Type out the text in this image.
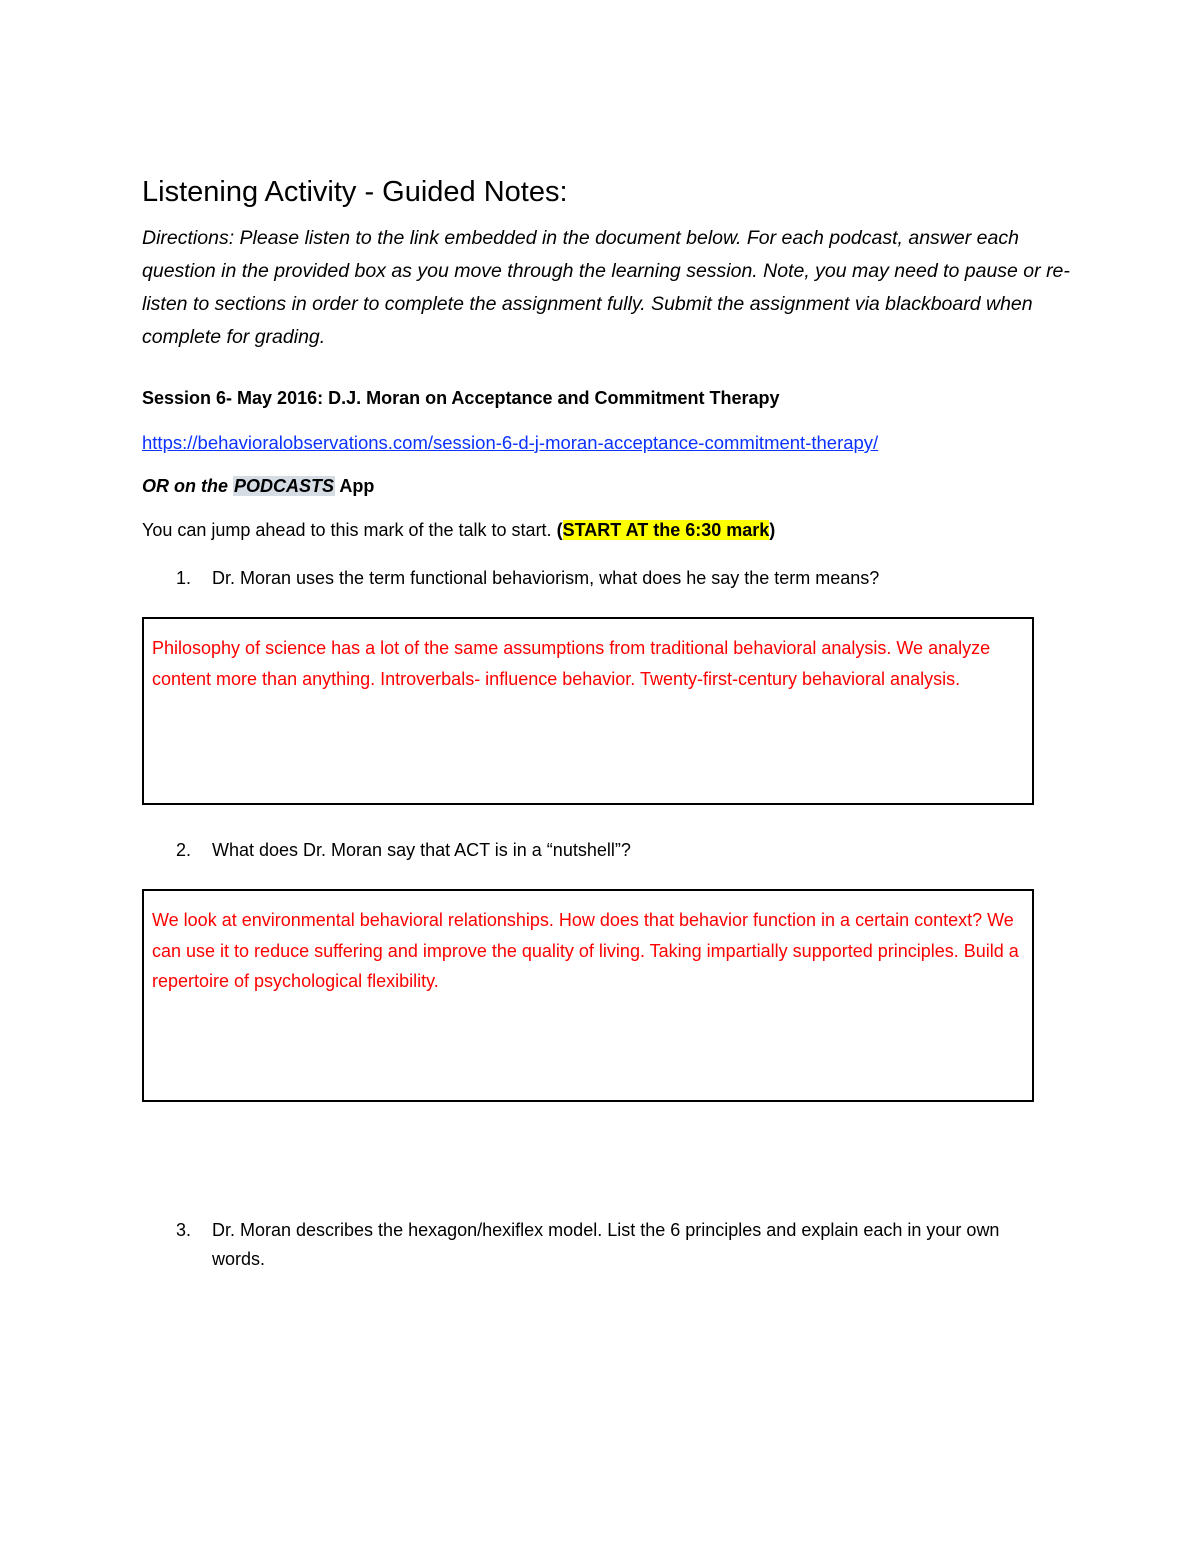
Listening Activity - Guided Notes:
Directions: Please listen to the link embedded in the document below. For each podcast, answer each question in the provided box as you move through the learning session. Note, you may need to pause or re-listen to sections in order to complete the assignment fully. Submit the assignment via blackboard when complete for grading.
Session 6- May 2016: D.J. Moran on Acceptance and Commitment Therapy
https://behavioralobservations.com/session-6-d-j-moran-acceptance-commitment-therapy/
OR on the PODCASTS App
You can jump ahead to this mark of the talk to start. (START AT the 6:30 mark)
1. Dr. Moran uses the term functional behaviorism, what does he say the term means?
Philosophy of science has a lot of the same assumptions from traditional behavioral analysis. We analyze content more than anything. Introverbals- influence behavior. Twenty-first-century behavioral analysis.
2. What does Dr. Moran say that ACT is in a “nutshell”?
We look at environmental behavioral relationships. How does that behavior function in a certain context? We can use it to reduce suffering and improve the quality of living. Taking impartially supported principles. Build a repertoire of psychological flexibility.
3. Dr. Moran describes the hexagon/hexiflex model. List the 6 principles and explain each in your own words.
